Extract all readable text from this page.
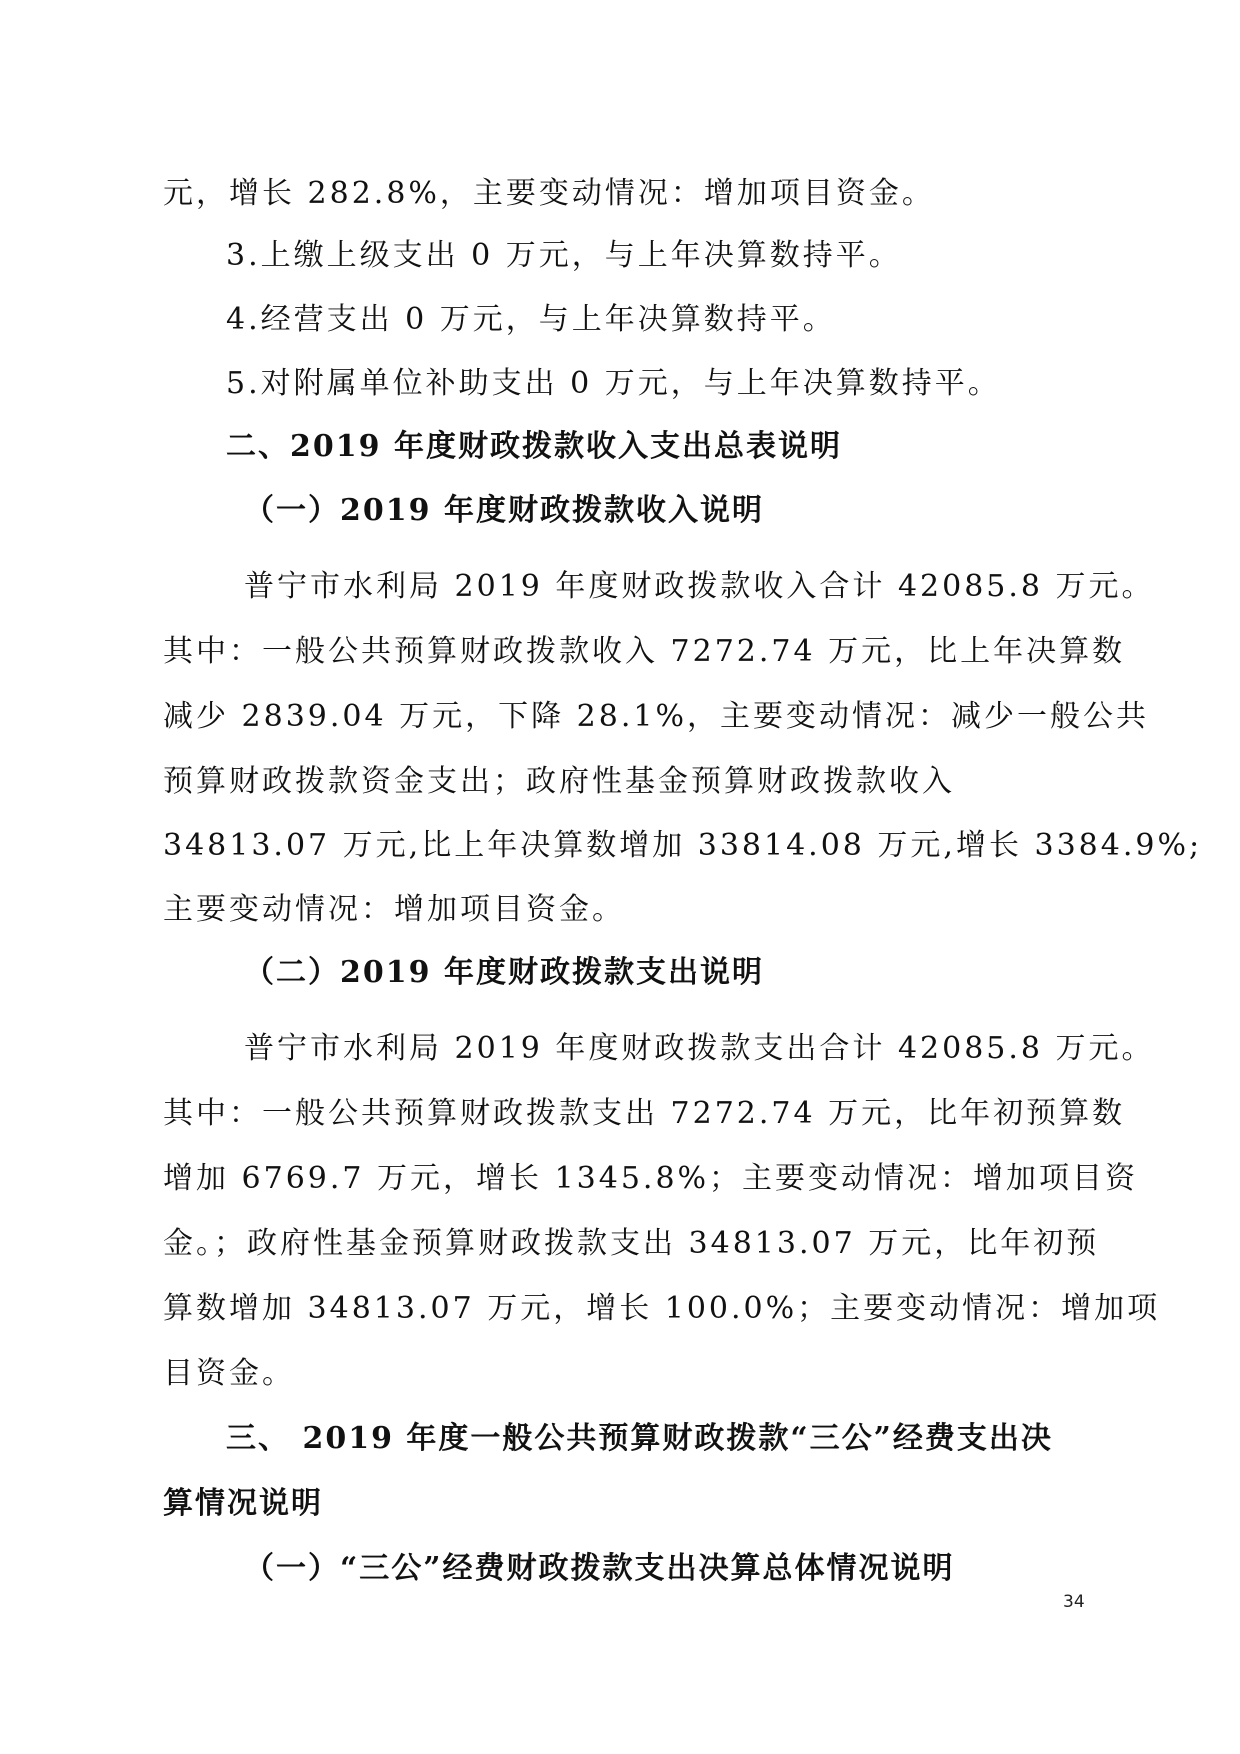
元，增长 282.8%，主要变动情况：增加项目资金。
3.上缴上级支出 0 万元，与上年决算数持平。
4.经营支出 0 万元，与上年决算数持平。
5.对附属单位补助支出 0 万元，与上年决算数持平。
二、2019 年度财政拨款收入支出总表说明
（一）2019 年度财政拨款收入说明
普宁市水利局 2019 年度财政拨款收入合计 42085.8 万元。
其中：一般公共预算财政拨款收入 7272.74 万元，比上年决算数
减少 2839.04 万元，下降 28.1%，主要变动情况：减少一般公共
预算财政拨款资金支出；政府性基金预算财政拨款收入
34813.07 万元,比上年决算数增加 33814.08 万元,增长 3384.9%;
主要变动情况：增加项目资金。
（二）2019 年度财政拨款支出说明
普宁市水利局 2019 年度财政拨款支出合计 42085.8 万元。
其中：一般公共预算财政拨款支出 7272.74 万元，比年初预算数
增加 6769.7 万元，增长 1345.8%；主要变动情况：增加项目资
金。；政府性基金预算财政拨款支出 34813.07 万元，比年初预
算数增加 34813.07 万元，增长 100.0%；主要变动情况：增加项
目资金。
三、 2019 年度一般公共预算财政拨款“三公”经费支出决
算情况说明
（一）“三公”经费财政拨款支出决算总体情况说明
34
